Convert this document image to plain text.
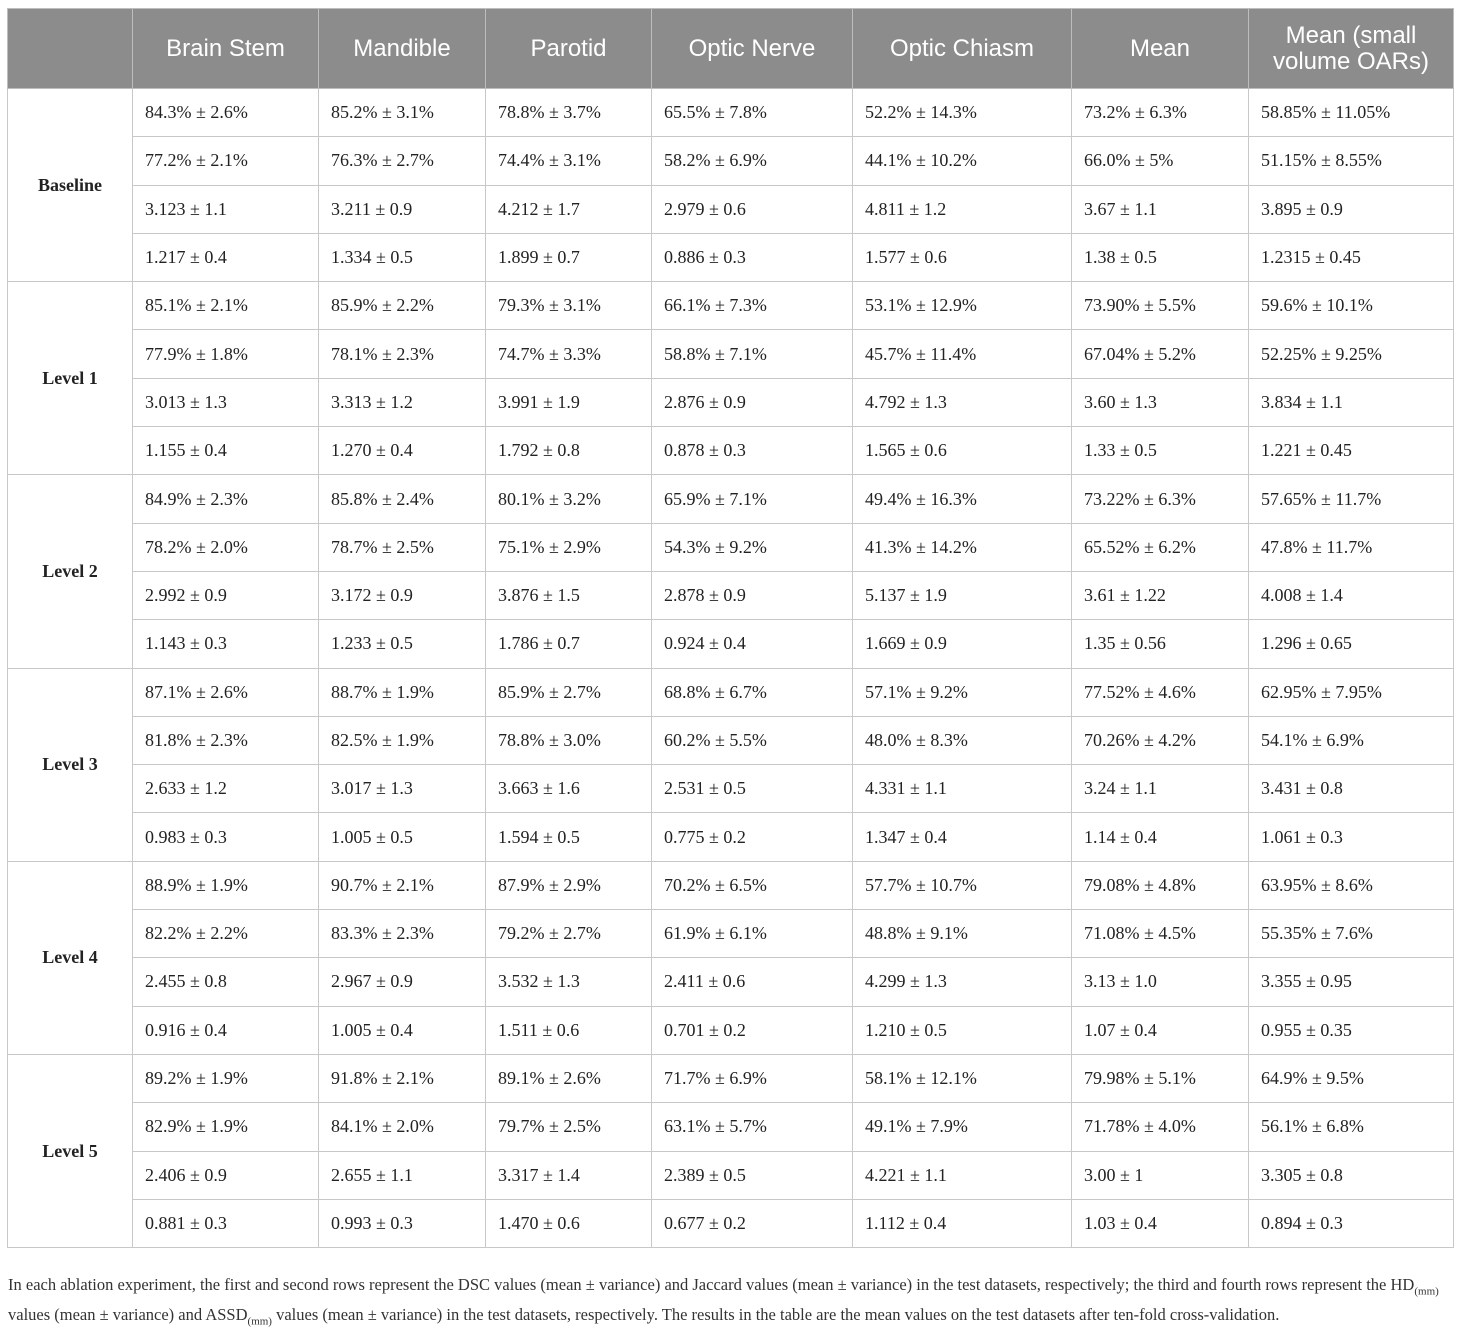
	Brain Stem	Mandible	Parotid	Optic Nerve	Optic Chiasm	Mean	Mean (small volume OARs)
Baseline	84.3% ± 2.6%	85.2% ± 3.1%	78.8% ± 3.7%	65.5% ± 7.8%	52.2% ± 14.3%	73.2% ± 6.3%	58.85% ± 11.05%
	77.2% ± 2.1%	76.3% ± 2.7%	74.4% ± 3.1%	58.2% ± 6.9%	44.1% ± 10.2%	66.0% ± 5%	51.15% ± 8.55%
	3.123 ± 1.1	3.211 ± 0.9	4.212 ± 1.7	2.979 ± 0.6	4.811 ± 1.2	3.67 ± 1.1	3.895 ± 0.9
	1.217 ± 0.4	1.334 ± 0.5	1.899 ± 0.7	0.886 ± 0.3	1.577 ± 0.6	1.38 ± 0.5	1.2315 ± 0.45
Level 1	85.1% ± 2.1%	85.9% ± 2.2%	79.3% ± 3.1%	66.1% ± 7.3%	53.1% ± 12.9%	73.90% ± 5.5%	59.6% ± 10.1%
	77.9% ± 1.8%	78.1% ± 2.3%	74.7% ± 3.3%	58.8% ± 7.1%	45.7% ± 11.4%	67.04% ± 5.2%	52.25% ± 9.25%
	3.013 ± 1.3	3.313 ± 1.2	3.991 ± 1.9	2.876 ± 0.9	4.792 ± 1.3	3.60 ± 1.3	3.834 ± 1.1
	1.155 ± 0.4	1.270 ± 0.4	1.792 ± 0.8	0.878 ± 0.3	1.565 ± 0.6	1.33 ± 0.5	1.221 ± 0.45
Level 2	84.9% ± 2.3%	85.8% ± 2.4%	80.1% ± 3.2%	65.9% ± 7.1%	49.4% ± 16.3%	73.22% ± 6.3%	57.65% ± 11.7%
	78.2% ± 2.0%	78.7% ± 2.5%	75.1% ± 2.9%	54.3% ± 9.2%	41.3% ± 14.2%	65.52% ± 6.2%	47.8% ± 11.7%
	2.992 ± 0.9	3.172 ± 0.9	3.876 ± 1.5	2.878 ± 0.9	5.137 ± 1.9	3.61 ± 1.22	4.008 ± 1.4
	1.143 ± 0.3	1.233 ± 0.5	1.786 ± 0.7	0.924 ± 0.4	1.669 ± 0.9	1.35 ± 0.56	1.296 ± 0.65
Level 3	87.1% ± 2.6%	88.7% ± 1.9%	85.9% ± 2.7%	68.8% ± 6.7%	57.1% ± 9.2%	77.52% ± 4.6%	62.95% ± 7.95%
	81.8% ± 2.3%	82.5% ± 1.9%	78.8% ± 3.0%	60.2% ± 5.5%	48.0% ± 8.3%	70.26% ± 4.2%	54.1% ± 6.9%
	2.633 ± 1.2	3.017 ± 1.3	3.663 ± 1.6	2.531 ± 0.5	4.331 ± 1.1	3.24 ± 1.1	3.431 ± 0.8
	0.983 ± 0.3	1.005 ± 0.5	1.594 ± 0.5	0.775 ± 0.2	1.347 ± 0.4	1.14 ± 0.4	1.061 ± 0.3
Level 4	88.9% ± 1.9%	90.7% ± 2.1%	87.9% ± 2.9%	70.2% ± 6.5%	57.7% ± 10.7%	79.08% ± 4.8%	63.95% ± 8.6%
	82.2% ± 2.2%	83.3% ± 2.3%	79.2% ± 2.7%	61.9% ± 6.1%	48.8% ± 9.1%	71.08% ± 4.5%	55.35% ± 7.6%
	2.455 ± 0.8	2.967 ± 0.9	3.532 ± 1.3	2.411 ± 0.6	4.299 ± 1.3	3.13 ± 1.0	3.355 ± 0.95
	0.916 ± 0.4	1.005 ± 0.4	1.511 ± 0.6	0.701 ± 0.2	1.210 ± 0.5	1.07 ± 0.4	0.955 ± 0.35
Level 5	89.2% ± 1.9%	91.8% ± 2.1%	89.1% ± 2.6%	71.7% ± 6.9%	58.1% ± 12.1%	79.98% ± 5.1%	64.9% ± 9.5%
	82.9% ± 1.9%	84.1% ± 2.0%	79.7% ± 2.5%	63.1% ± 5.7%	49.1% ± 7.9%	71.78% ± 4.0%	56.1% ± 6.8%
	2.406 ± 0.9	2.655 ± 1.1	3.317 ± 1.4	2.389 ± 0.5	4.221 ± 1.1	3.00 ± 1	3.305 ± 0.8
	0.881 ± 0.3	0.993 ± 0.3	1.470 ± 0.6	0.677 ± 0.2	1.112 ± 0.4	1.03 ± 0.4	0.894 ± 0.3

In each ablation experiment, the first and second rows represent the DSC values (mean ± variance) and Jaccard values (mean ± variance) in the test datasets, respectively; the third and fourth rows represent the $HD_{(mm)}$ values (mean ± variance) and $ASSD_{(mm)}$ values (mean ± variance) in the test datasets, respectively. The results in the table are the mean values on the test datasets after ten-fold cross-validation.
